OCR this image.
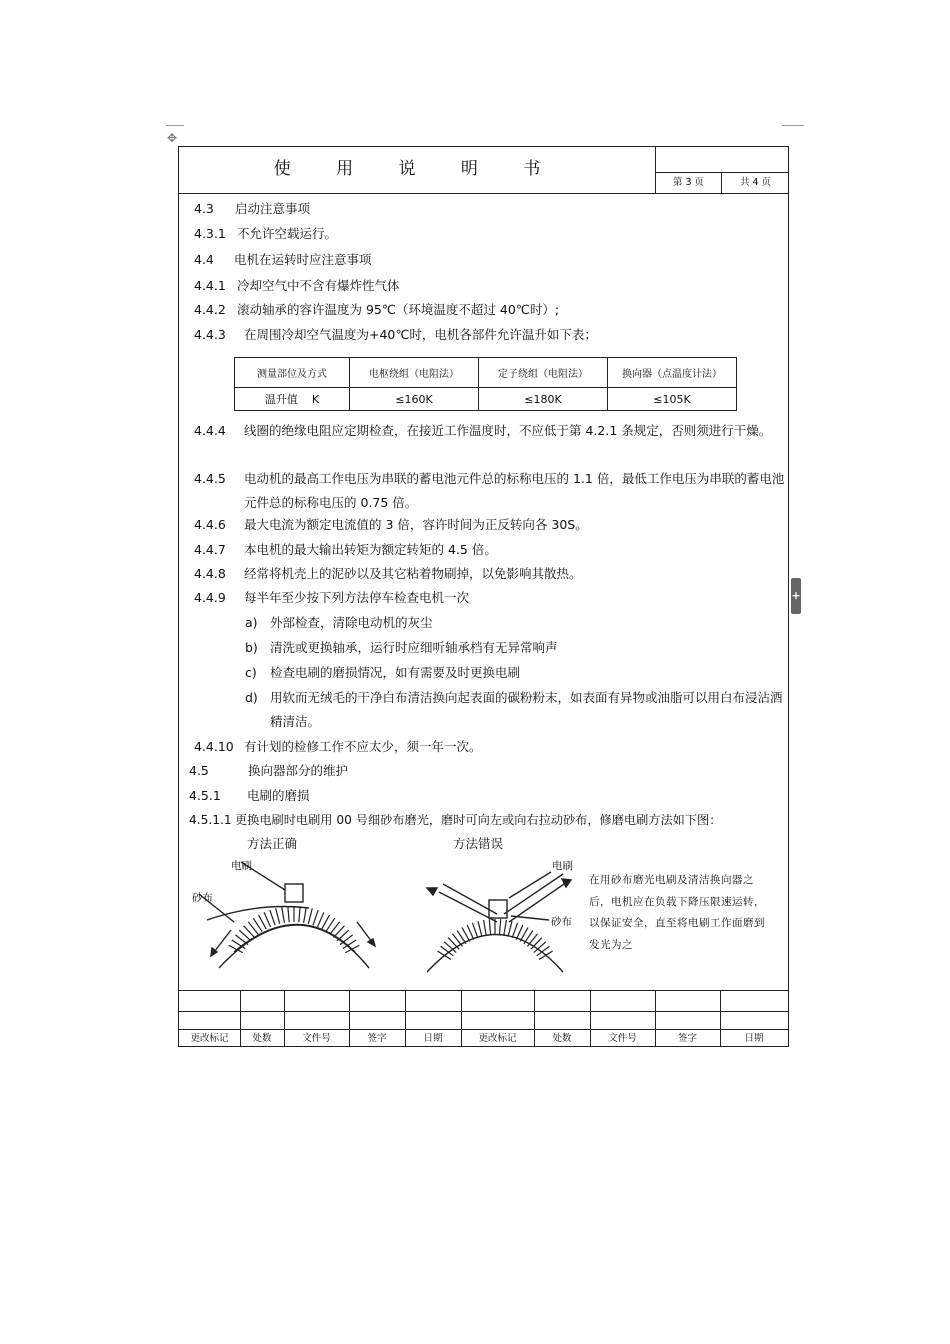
✥
+
使 用 说 明 书
第 3 页	共 4 页
4.3 启动注意事项
4.3.1 不允许空载运行。
4.4 电机在运转时应注意事项
4.4.1 冷却空气中不含有爆炸性气体
4.4.2 滚动轴承的容许温度为 95℃（环境温度不超过 40℃时）;
4.4.3 在周围冷却空气温度为+40℃时，电机各部件允许温升如下表；
测量部位及方式	电枢绕组（电阻法）	定子绕组（电阻法）	换向器（点温度计法）
温升值    K	≤160K	≤180K	≤105K
4.4.4 线圈的绝缘电阻应定期检查，在接近工作温度时，不应低于第 4.2.1 条规定，否则须进行干燥。
4.4.5 电动机的最高工作电压为串联的蓄电池元件总的标称电压的 1.1 倍，最低工作电压为串联的蓄电池元件总的标称电压的 0.75 倍。
4.4.6 最大电流为额定电流值的 3 倍，容许时间为正反转向各 30S。
4.4.7 本电机的最大输出转矩为额定转矩的 4.5 倍。
4.4.8 经常将机壳上的泥砂以及其它粘着物刷掉，以免影响其散热。
4.4.9 每半年至少按下列方法停车检查电机一次
a) 外部检查，清除电动机的灰尘
b) 清洗或更换轴承，运行时应细听轴承档有无异常响声
c) 检查电刷的磨损情况，如有需要及时更换电刷
d) 用软而无绒毛的干净白布清洁换向起表面的碳粉粉末，如表面有异物或油脂可以用白布浸沾酒精清洁。
4.4.10 有计划的检修工作不应太少，须一年一次。
4.5	换向器部分的维护
4.5.1 电刷的磨损
4.5.1.1 更换电刷时电刷用 00 号细砂布磨光，磨时可向左或向右拉动砂布，修磨电刷方法如下图：
方法正确	方法错误
电刷
砂布
电刷
砂布
在用砂布磨光电刷及清洁换向器之后，电机应在负载下降压限速运转，以保证安全，直至将电刷工作面磨到发光为之
更改标记	处数	文件号	签字	日期	更改标记	处数	文件号	签字	日期
